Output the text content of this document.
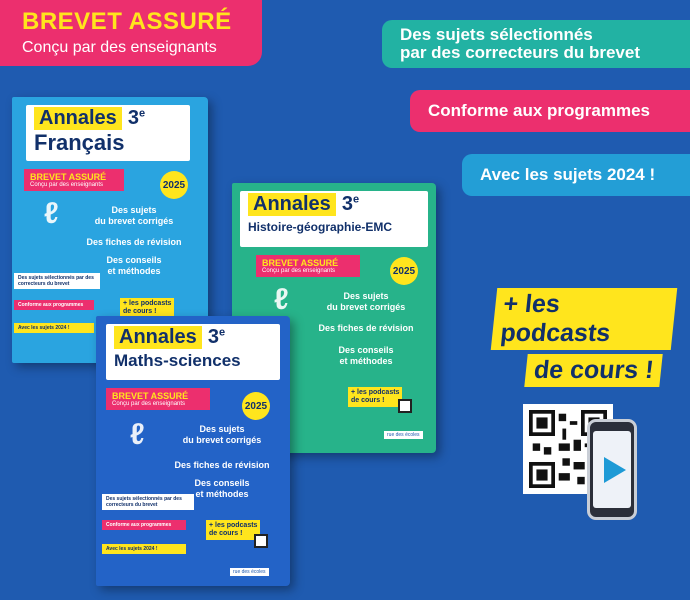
BREVET ASSURÉ
Conçu par des enseignants
Des sujets sélectionnés
par des correcteurs du brevet
Conforme aux programmes
Avec les sujets 2024 !
+ les podcasts de cours !
Annales 3e
Français
BREVET ASSURÉ
Conçu par des enseignants	2025
ℓ	Des sujets
du brevet corrigés
Des fiches de révision
Des conseils
et méthodes
Des sujets sélectionnés par des correcteurs du brevet
Conforme aux programmes
Avec les sujets 2024 !
+ les podcasts
de cours !
Annales 3e
Histoire-géographie-EMC
BREVET ASSURÉ
Conçu par des enseignants	2025
ℓ	Des sujets
du brevet corrigés
Des fiches de révision
Des conseils
et méthodes
+ les podcasts
de cours !
rue des écoles
Annales 3e
Maths-sciences
BREVET ASSURÉ
Conçu par des enseignants	2025
ℓ	Des sujets
du brevet corrigés
Des fiches de révision
Des conseils
et méthodes
Des sujets sélectionnés par des correcteurs du brevet
Conforme aux programmes
Avec les sujets 2024 !
+ les podcasts
de cours !
rue des écoles
